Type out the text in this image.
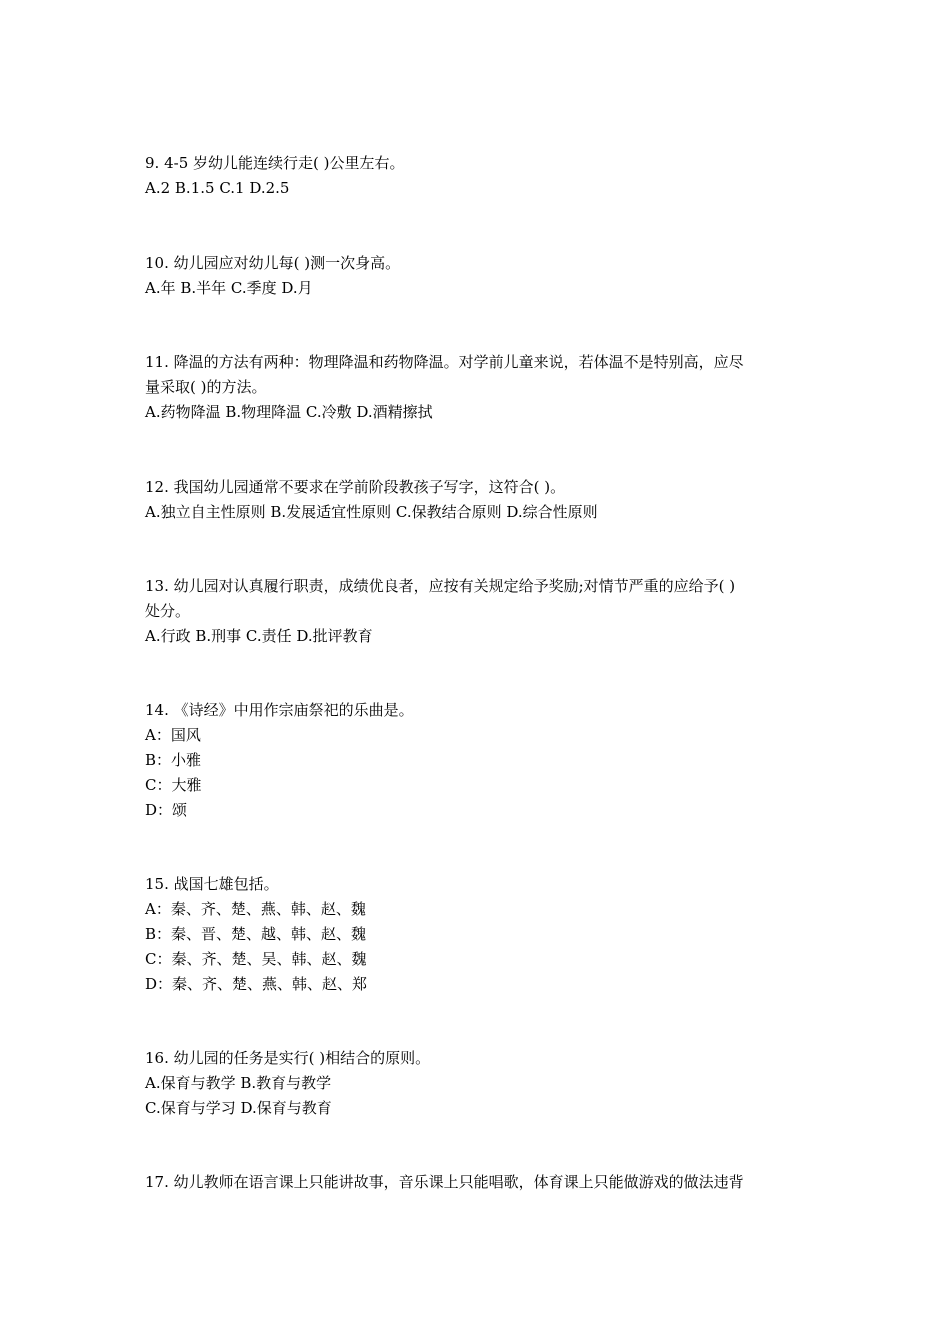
9. 4-5 岁幼儿能连续行走( )公里左右。
A.2 B.1.5 C.1 D.2.5
10. 幼儿园应对幼儿每( )测一次身高。
A.年 B.半年 C.季度 D.月
11. 降温的方法有两种：物理降温和药物降温。对学前儿童来说，若体温不是特别高，应尽
量采取( )的方法。
A.药物降温 B.物理降温 C.冷敷 D.酒精擦拭
12. 我国幼儿园通常不要求在学前阶段教孩子写字，这符合( )。
A.独立自主性原则 B.发展适宜性原则 C.保教结合原则 D.综合性原则
13. 幼儿园对认真履行职责，成绩优良者，应按有关规定给予奖励;对情节严重的应给予( )
处分。
A.行政 B.刑事 C.责任 D.批评教育
14. 《诗经》中用作宗庙祭祀的乐曲是。
A：国风
B：小雅
C：大雅
D：颂
15. 战国七雄包括。
A：秦、齐、楚、燕、韩、赵、魏
B：秦、晋、楚、越、韩、赵、魏
C：秦、齐、楚、吴、韩、赵、魏
D：秦、齐、楚、燕、韩、赵、郑
16. 幼儿园的任务是实行( )相结合的原则。
A.保育与教学 B.教育与教学
C.保育与学习 D.保育与教育
17. 幼儿教师在语言课上只能讲故事，音乐课上只能唱歌，体育课上只能做游戏的做法违背
